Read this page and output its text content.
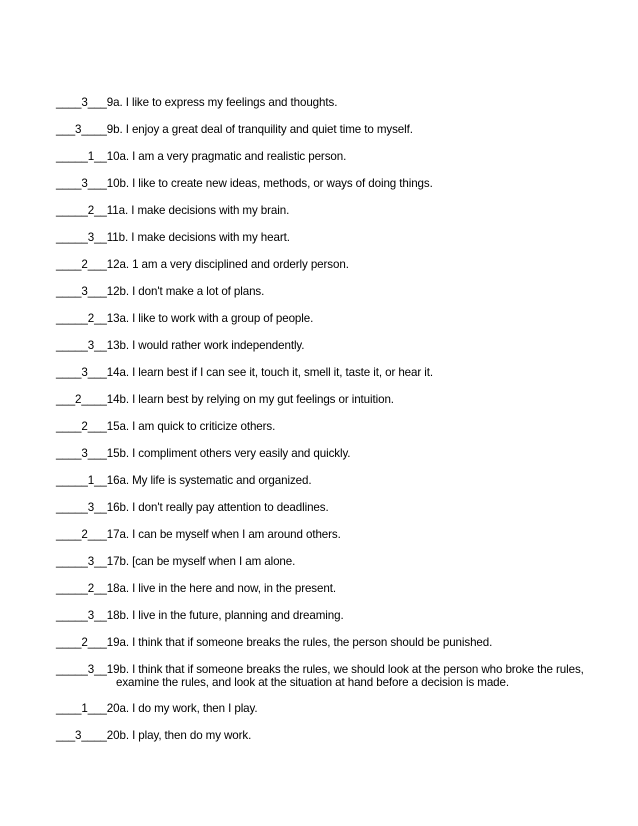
____3___9a. I like to express my feelings and thoughts.
___3____9b. I enjoy a great deal of tranquility and quiet time to myself.
_____1__10a. I am a very pragmatic and realistic person.
____3___10b. I like to create new ideas, methods, or ways of doing things.
_____2__11a. I make decisions with my brain.
_____3__11b. I make decisions with my heart.
____2___12a. 1 am a very disciplined and orderly person.
____3___12b. I don't make a lot of plans.
_____2__13a. I like to work with a group of people.
_____3__13b. I would rather work independently.
____3___14a. I learn best if I can see it, touch it, smell it, taste it, or hear it.
___2____14b. I learn best by relying on my gut feelings or intuition.
____2___15a. I am quick to criticize others.
____3___15b. I compliment others very easily and quickly.
_____1__16a. My life is systematic and organized.
_____3__16b. I don't really pay attention to deadlines.
____2___17a. I can be myself when I am around others.
_____3__17b. [can be myself when I am alone.
_____2__18a. I live in the here and now, in the present.
_____3__18b. I live in the future, planning and dreaming.
____2___19a. I think that if someone breaks the rules, the person should be punished.
_____3__19b. I think that if someone breaks the rules, we should look at the person who broke the rules, examine the rules, and look at the situation at hand before a decision is made.
____1___20a. I do my work, then I play.
___3____20b. I play, then do my work.
